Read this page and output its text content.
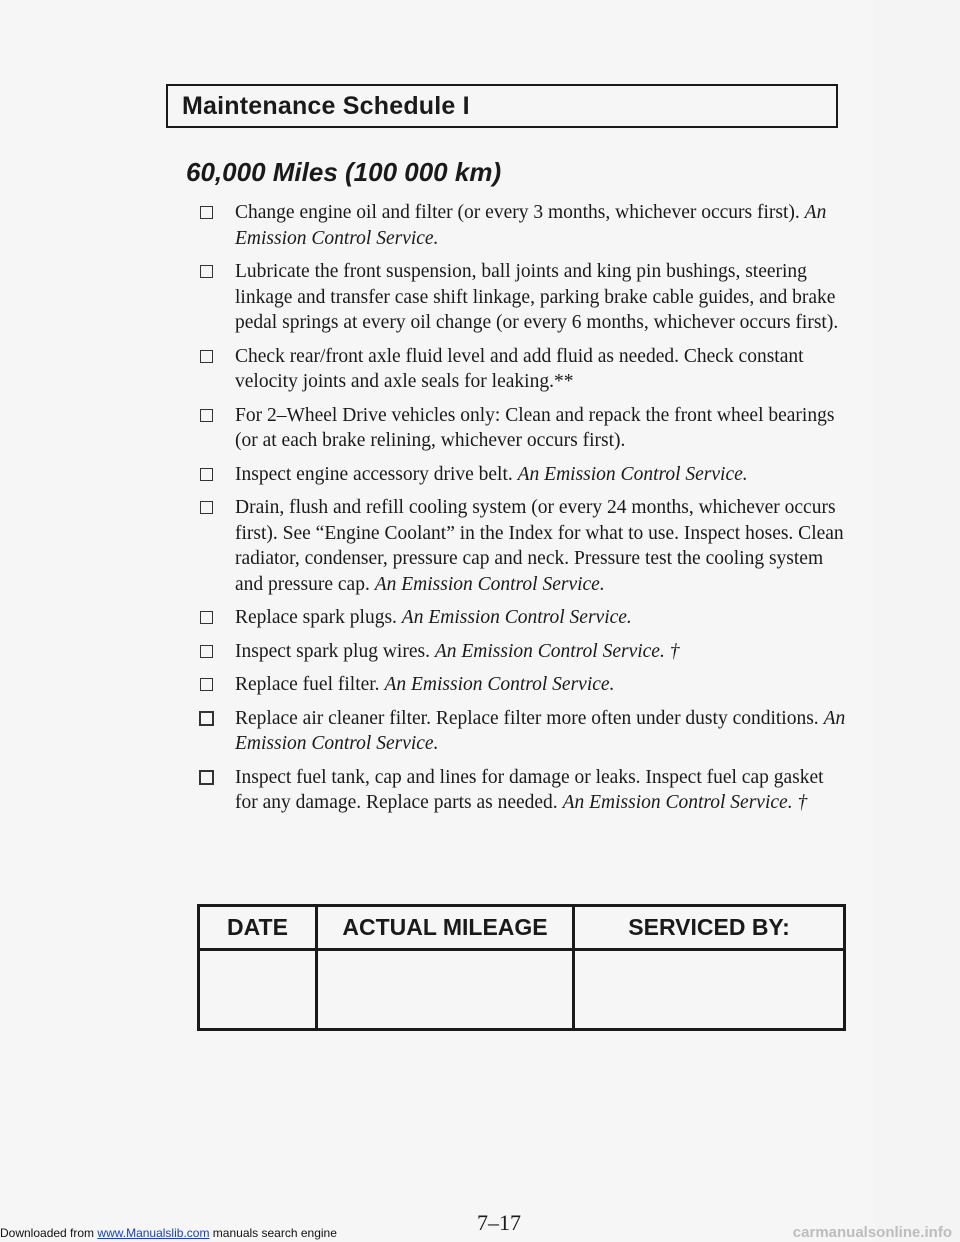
Maintenance Schedule I
60,000 Miles (100 000 km)
Change engine oil and filter (or every 3 months, whichever occurs first). An Emission Control Service.
Lubricate the front suspension, ball joints and king pin bushings, steering linkage and transfer case shift linkage, parking brake cable guides, and brake pedal springs at every oil change (or every 6 months, whichever occurs first).
Check rear/front axle fluid level and add fluid as needed. Check constant velocity joints and axle seals for leaking.**
For 2–Wheel Drive vehicles only: Clean and repack the front wheel bearings (or at each brake relining, whichever occurs first).
Inspect engine accessory drive belt. An Emission Control Service.
Drain, flush and refill cooling system (or every 24 months, whichever occurs first). See “Engine Coolant” in the Index for what to use. Inspect hoses. Clean radiator, condenser, pressure cap and neck. Pressure test the cooling system and pressure cap. An Emission Control Service.
Replace spark plugs. An Emission Control Service.
Inspect spark plug wires. An Emission Control Service. †
Replace fuel filter. An Emission Control Service.
Replace air cleaner filter. Replace filter more often under dusty conditions. An Emission Control Service.
Inspect fuel tank, cap and lines for damage or leaks. Inspect fuel cap gasket for any damage. Replace parts as needed. An Emission Control Service. †
DATE	ACTUAL MILEAGE	SERVICED BY:
7–17
Downloaded from www.Manualslib.com manuals search engine	carmanualsonline.info
